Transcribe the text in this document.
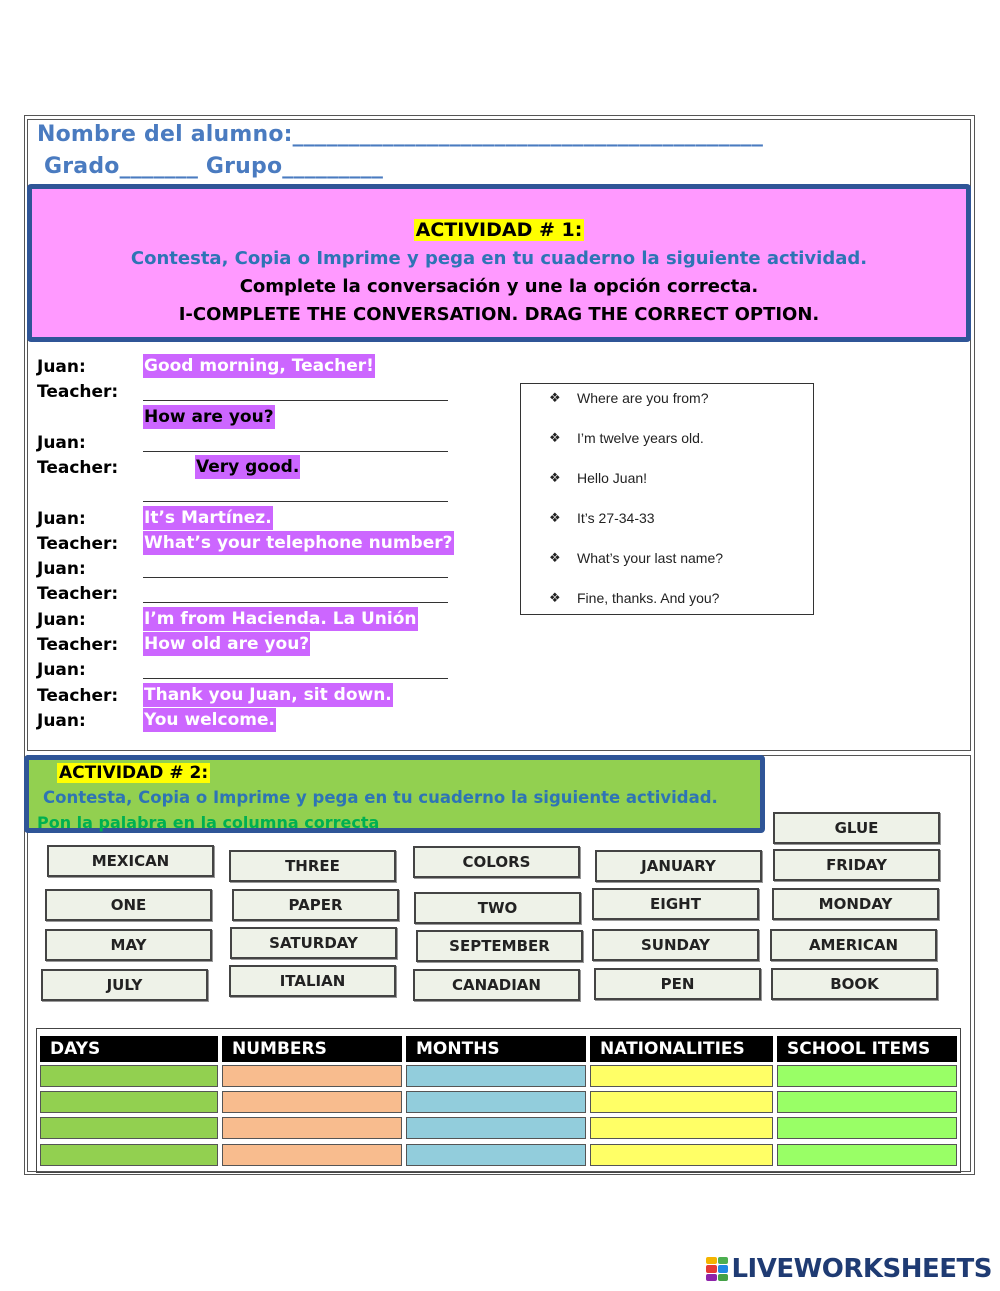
Nombre del alumno:__________________________________________
Grado_______ Grupo_________
ACTIVIDAD # 1:
Contesta, Copia o Imprime y pega en tu cuaderno la siguiente actividad.
Complete la conversación y une la opción correcta.
I-COMPLETE THE CONVERSATION. DRAG THE CORRECT OPTION.
Juan:	Good morning, Teacher!
Teacher:
How are you?
Juan:
Teacher:	Very good.
Juan:	It’s Martínez.
Teacher: What’s your telephone number?
Juan:
Teacher:
Juan:	I’m from Hacienda. La Unión
Teacher: How old are you?
Juan:
Teacher: Thank you Juan, sit down.
Juan:	You welcome.
❖ Where are you from?
❖ I’m twelve years old.
❖ Hello Juan!
❖ It’s 27-34-33
❖ What’s your last name?
❖ Fine, thanks. And you?
ACTIVIDAD # 2:
Contesta, Copia o Imprime y pega en tu cuaderno la siguiente actividad.
Pon la palabra en la columna correcta	GLUE
MEXICAN	THREE	COLORS	JANUARY	FRIDAY
ONE	PAPER	TWO	EIGHT	MONDAY
MAY	SATURDAY	SEPTEMBER	SUNDAY	AMERICAN
JULY	ITALIAN	CANADIAN	PEN	BOOK
DAYS	NUMBERS	MONTHS	NATIONALITIES	SCHOOL ITEMS
LIVEWORKSHEETS
